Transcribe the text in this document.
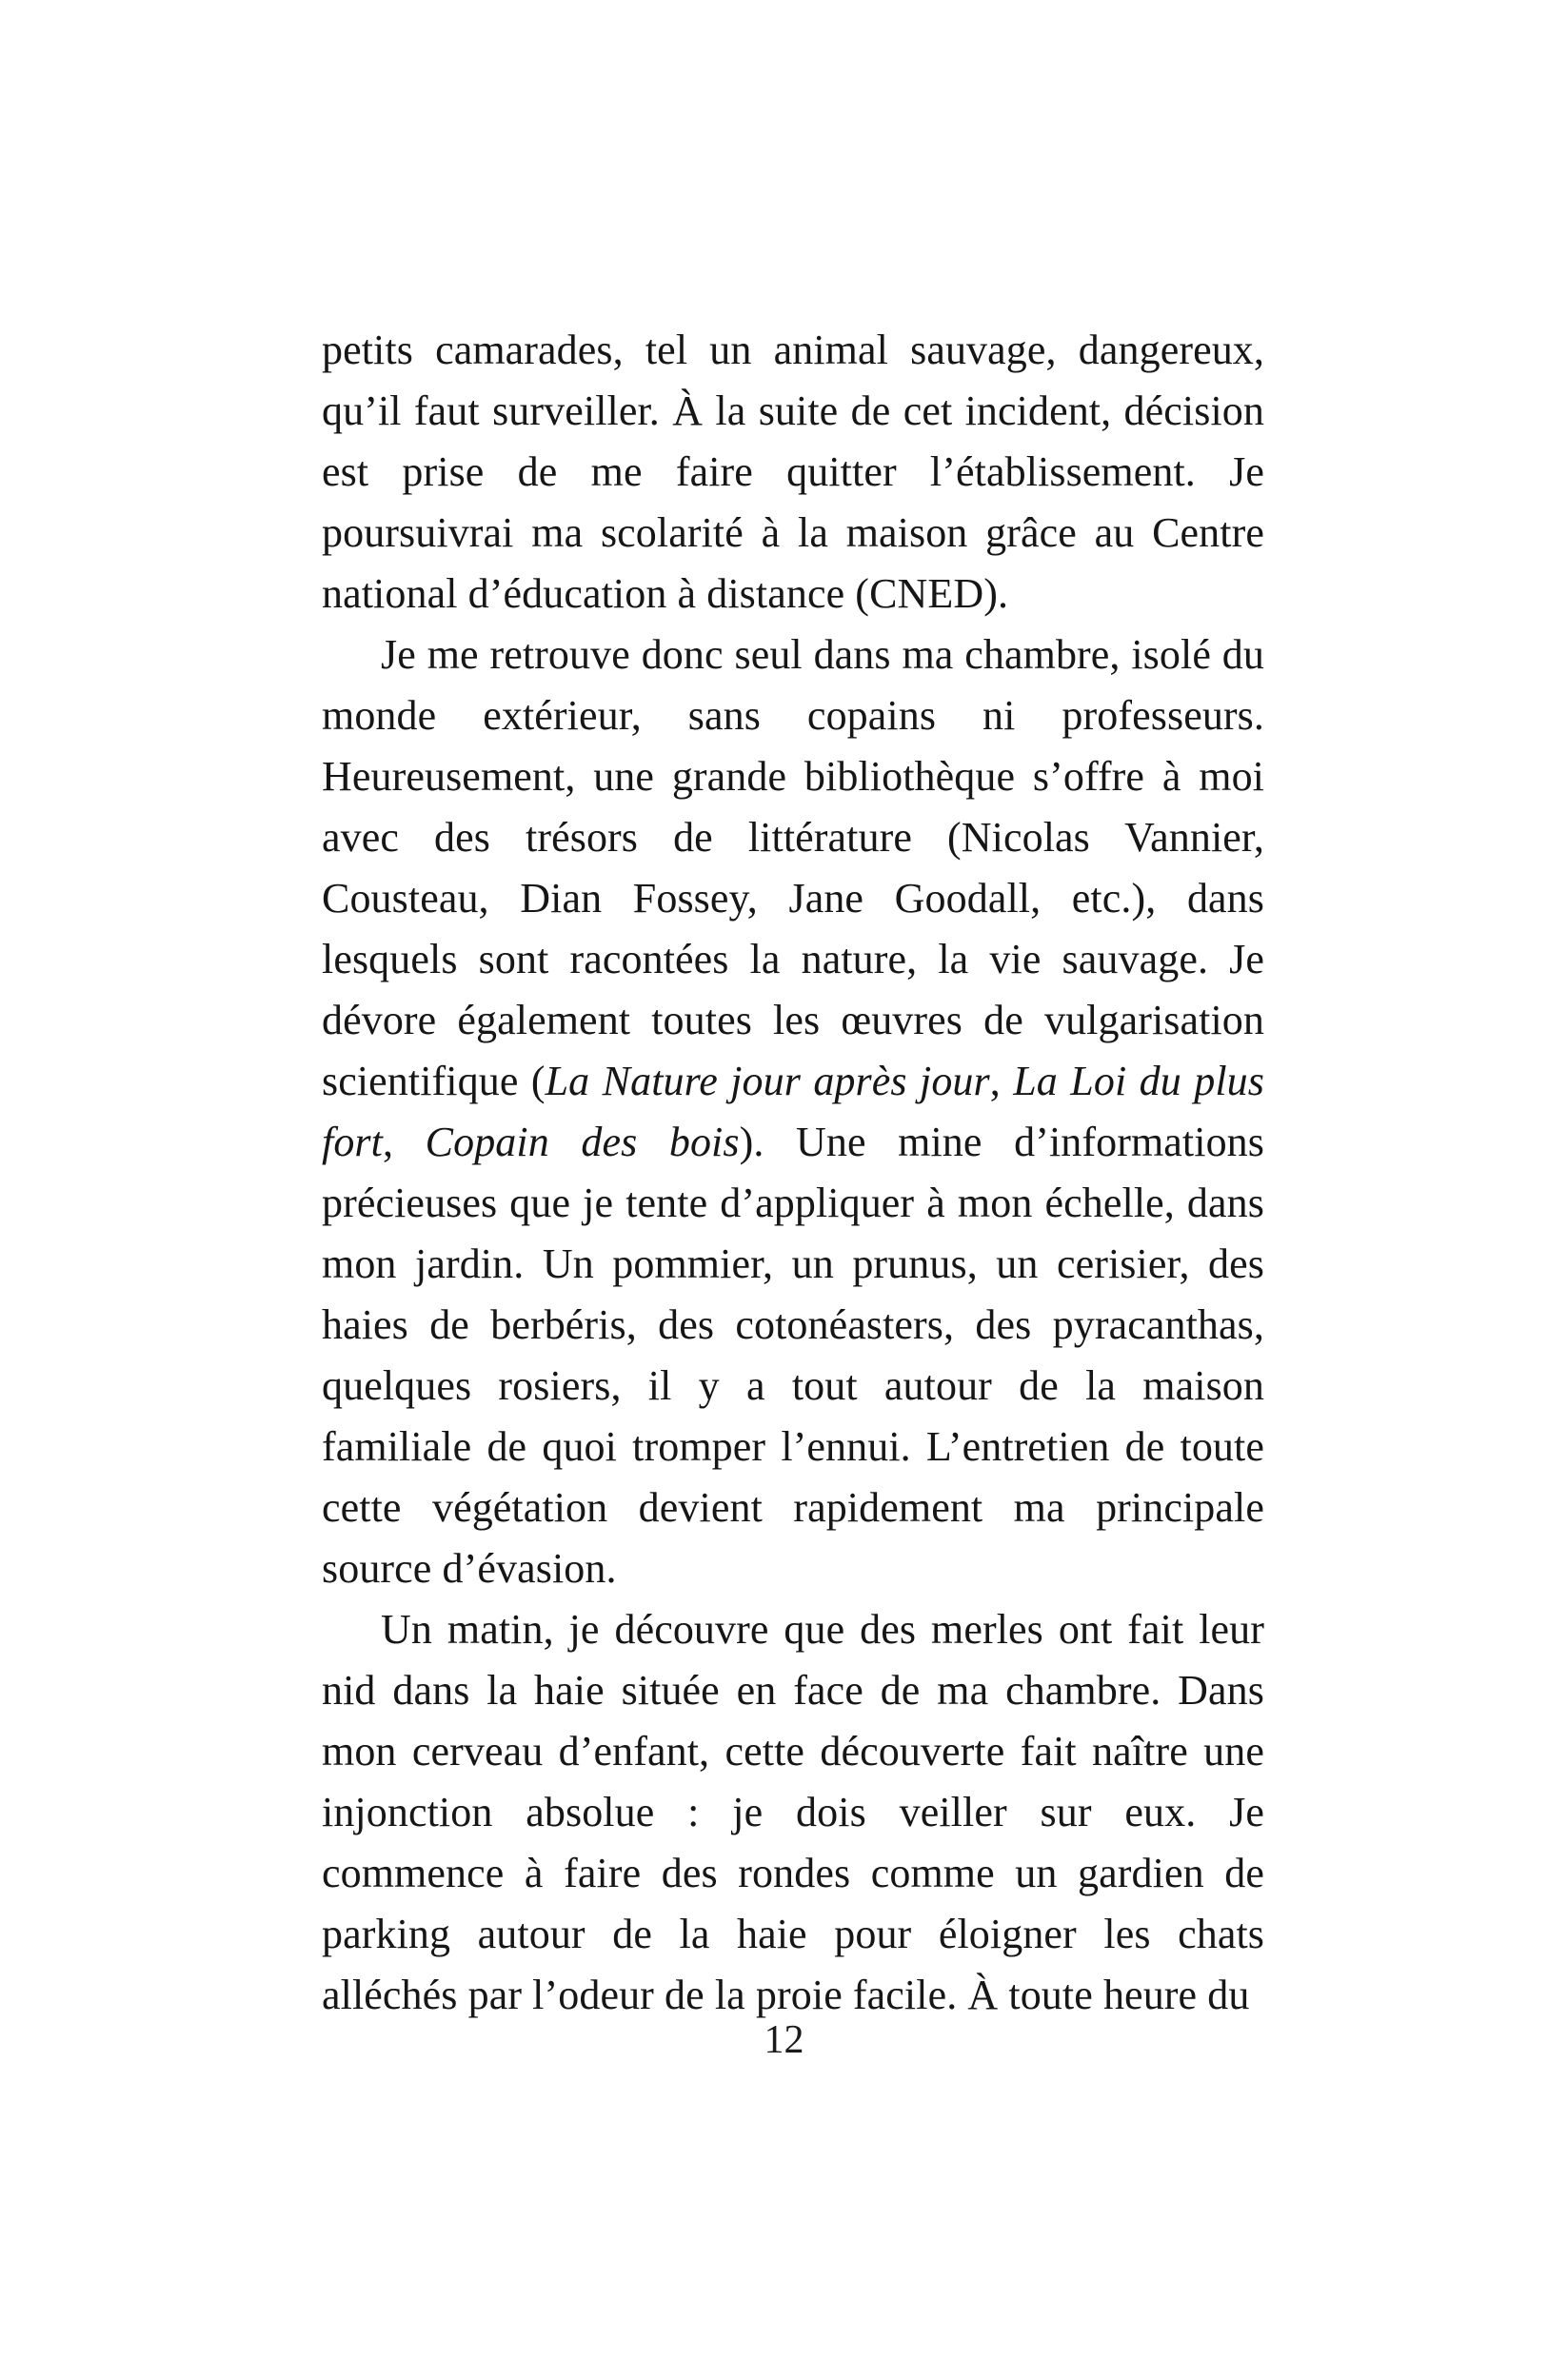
petits camarades, tel un animal sauvage, dangereux, qu’il faut surveiller. À la suite de cet incident, décision est prise de me faire quitter l’établissement. Je poursuivrai ma scolarité à la maison grâce au Centre national d’éducation à distance (CNED).

Je me retrouve donc seul dans ma chambre, isolé du monde extérieur, sans copains ni professeurs. Heureusement, une grande bibliothèque s’offre à moi avec des trésors de littérature (Nicolas Vannier, Cousteau, Dian Fossey, Jane Goodall, etc.), dans lesquels sont racontées la nature, la vie sauvage. Je dévore également toutes les œuvres de vulgarisation scientifique (La Nature jour après jour, La Loi du plus fort, Copain des bois). Une mine d’informations précieuses que je tente d’appliquer à mon échelle, dans mon jardin. Un pommier, un prunus, un cerisier, des haies de berbéris, des cotonéasters, des pyracanthas, quelques rosiers, il y a tout autour de la maison familiale de quoi tromper l’ennui. L’entretien de toute cette végétation devient rapidement ma principale source d’évasion.

Un matin, je découvre que des merles ont fait leur nid dans la haie située en face de ma chambre. Dans mon cerveau d’enfant, cette découverte fait naître une injonction absolue : je dois veiller sur eux. Je commence à faire des rondes comme un gardien de parking autour de la haie pour éloigner les chats alléchés par l’odeur de la proie facile. À toute heure du

12
